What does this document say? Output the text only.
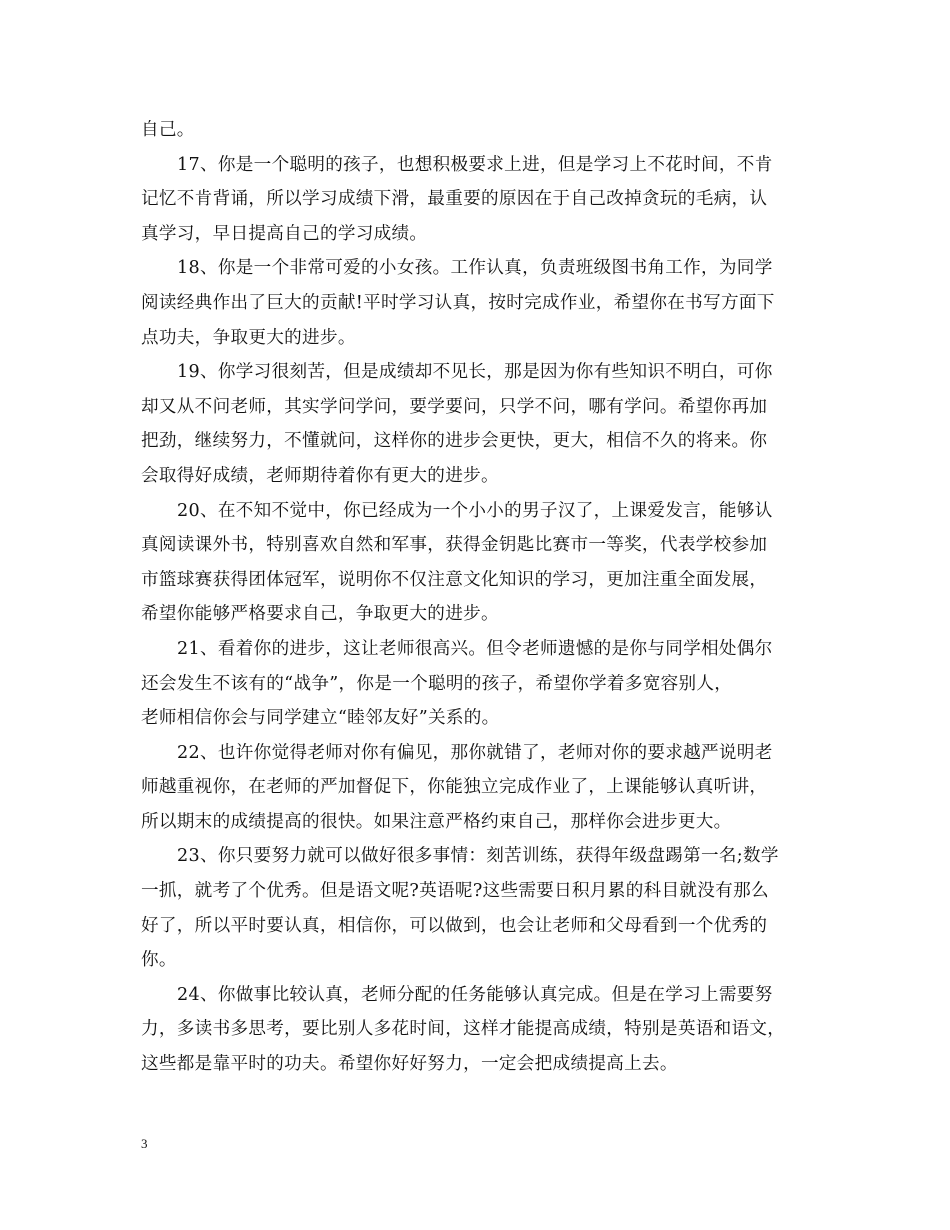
自己。
17、你是一个聪明的孩子，也想积极要求上进，但是学习上不花时间，不肯
记忆不肯背诵，所以学习成绩下滑，最重要的原因在于自己改掉贪玩的毛病，认
真学习，早日提高自己的学习成绩。
18、你是一个非常可爱的小女孩。工作认真，负责班级图书角工作，为同学
阅读经典作出了巨大的贡献!平时学习认真，按时完成作业，希望你在书写方面下
点功夫，争取更大的进步。
19、你学习很刻苦，但是成绩却不见长，那是因为你有些知识不明白，可你
却又从不问老师，其实学问学问，要学要问，只学不问，哪有学问。希望你再加
把劲，继续努力，不懂就问，这样你的进步会更快，更大，相信不久的将来。你
会取得好成绩，老师期待着你有更大的进步。
20、在不知不觉中，你已经成为一个小小的男子汉了，上课爱发言，能够认
真阅读课外书，特别喜欢自然和军事，获得金钥匙比赛市一等奖，代表学校参加
市篮球赛获得团体冠军，说明你不仅注意文化知识的学习，更加注重全面发展，
希望你能够严格要求自己，争取更大的进步。
21、看着你的进步，这让老师很高兴。但令老师遗憾的是你与同学相处偶尔
还会发生不该有的“战争”，你是一个聪明的孩子，希望你学着多宽容别人，
老师相信你会与同学建立“睦邻友好”关系的。
22、也许你觉得老师对你有偏见，那你就错了，老师对你的要求越严说明老
师越重视你，在老师的严加督促下，你能独立完成作业了，上课能够认真听讲，
所以期末的成绩提高的很快。如果注意严格约束自己，那样你会进步更大。
23、你只要努力就可以做好很多事情：刻苦训练，获得年级盘踢第一名;数学
一抓，就考了个优秀。但是语文呢?英语呢?这些需要日积月累的科目就没有那么
好了，所以平时要认真，相信你，可以做到，也会让老师和父母看到一个优秀的
你。
24、你做事比较认真，老师分配的任务能够认真完成。但是在学习上需要努
力，多读书多思考，要比别人多花时间，这样才能提高成绩，特别是英语和语文，
这些都是靠平时的功夫。希望你好好努力，一定会把成绩提高上去。
3
